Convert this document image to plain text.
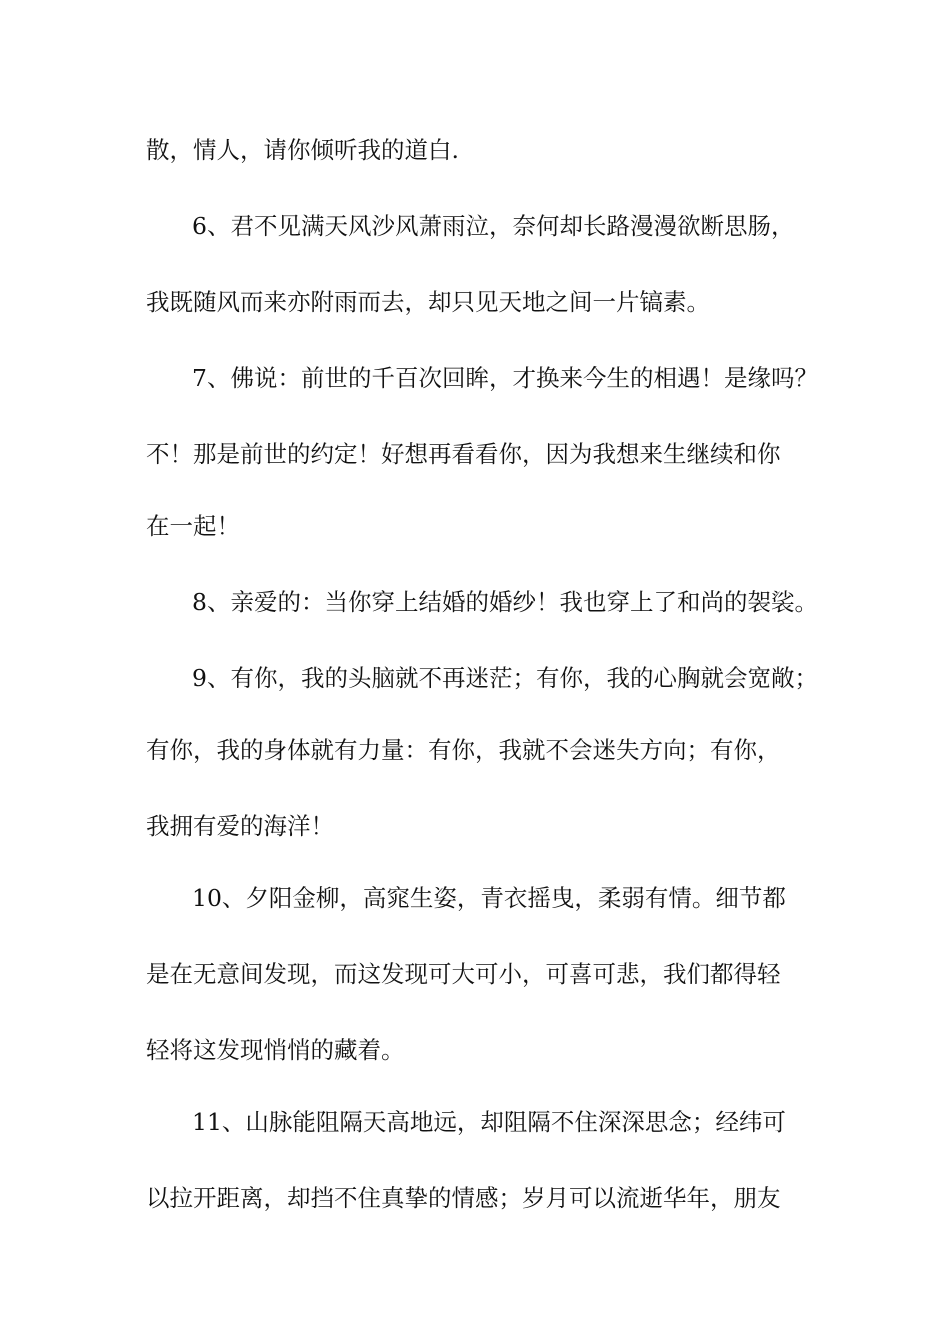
散，情人，请你倾听我的道白.
6、君不见满天风沙风萧雨泣，奈何却长路漫漫欲断思肠，
我既随风而来亦附雨而去，却只见天地之间一片镐素。
7、佛说：前世的千百次回眸，才换来今生的相遇！是缘吗？
不！那是前世的约定！好想再看看你，因为我想来生继续和你
在一起！
8、亲爱的：当你穿上结婚的婚纱！我也穿上了和尚的袈裟。
9、有你，我的头脑就不再迷茫；有你，我的心胸就会宽敞；
有你，我的身体就有力量：有你，我就不会迷失方向；有你，
我拥有爱的海洋！
10、夕阳金柳，高窕生姿，青衣摇曳，柔弱有情。细节都
是在无意间发现，而这发现可大可小，可喜可悲，我们都得轻
轻将这发现悄悄的藏着。
11、山脉能阻隔天高地远，却阻隔不住深深思念；经纬可
以拉开距离，却挡不住真挚的情感；岁月可以流逝华年，朋友
